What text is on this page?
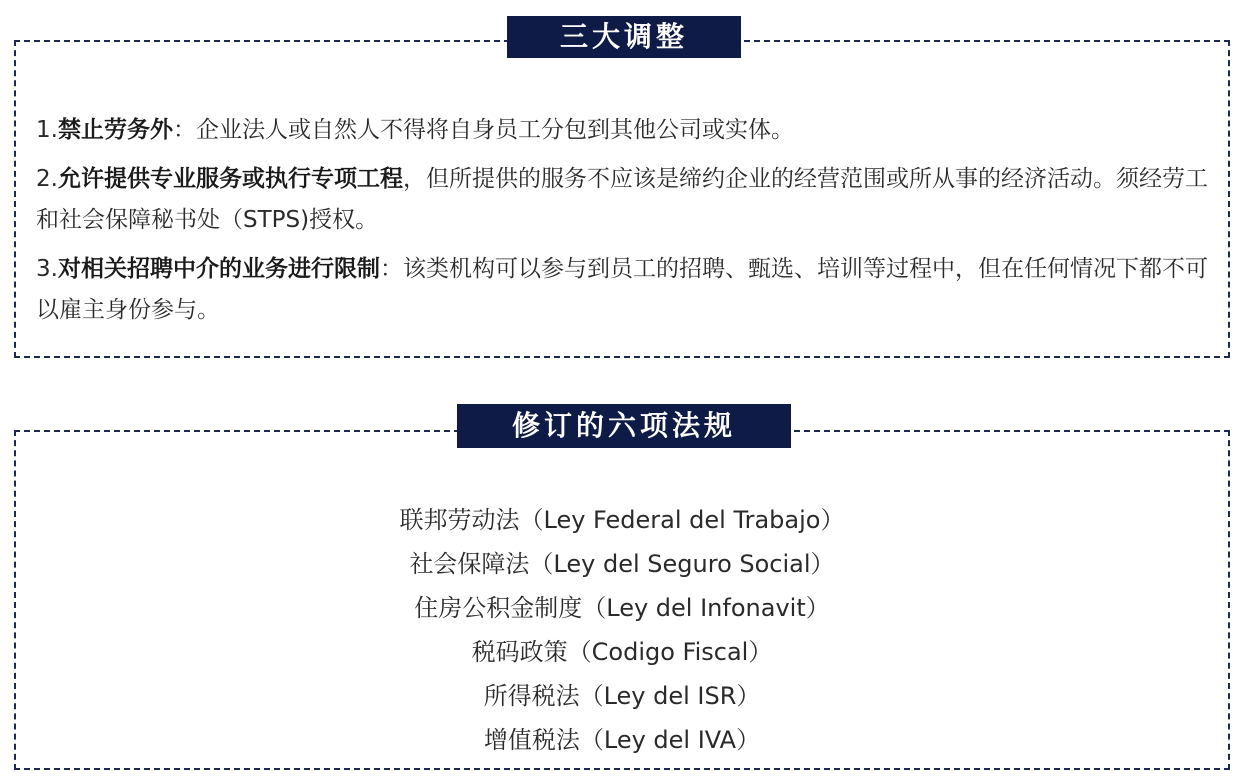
1.禁止劳务外：企业法人或自然人不得将自身员工分包到其他公司或实体。
2.允许提供专业服务或执行专项工程，但所提供的服务不应该是缔约企业的经营范围或所从事的经济活动。须经劳工和社会保障秘书处（STPS)授权。
3.对相关招聘中介的业务进行限制：该类机构可以参与到员工的招聘、甄选、培训等过程中，但在任何情况下都不可以雇主身份参与。
三大调整
联邦劳动法（Ley Federal del Trabajo）
社会保障法（Ley del Seguro Social）
住房公积金制度（Ley del Infonavit）
税码政策（Codigo Fiscal）
所得税法（Ley del ISR）
增值税法（Ley del IVA）
修订的六项法规
